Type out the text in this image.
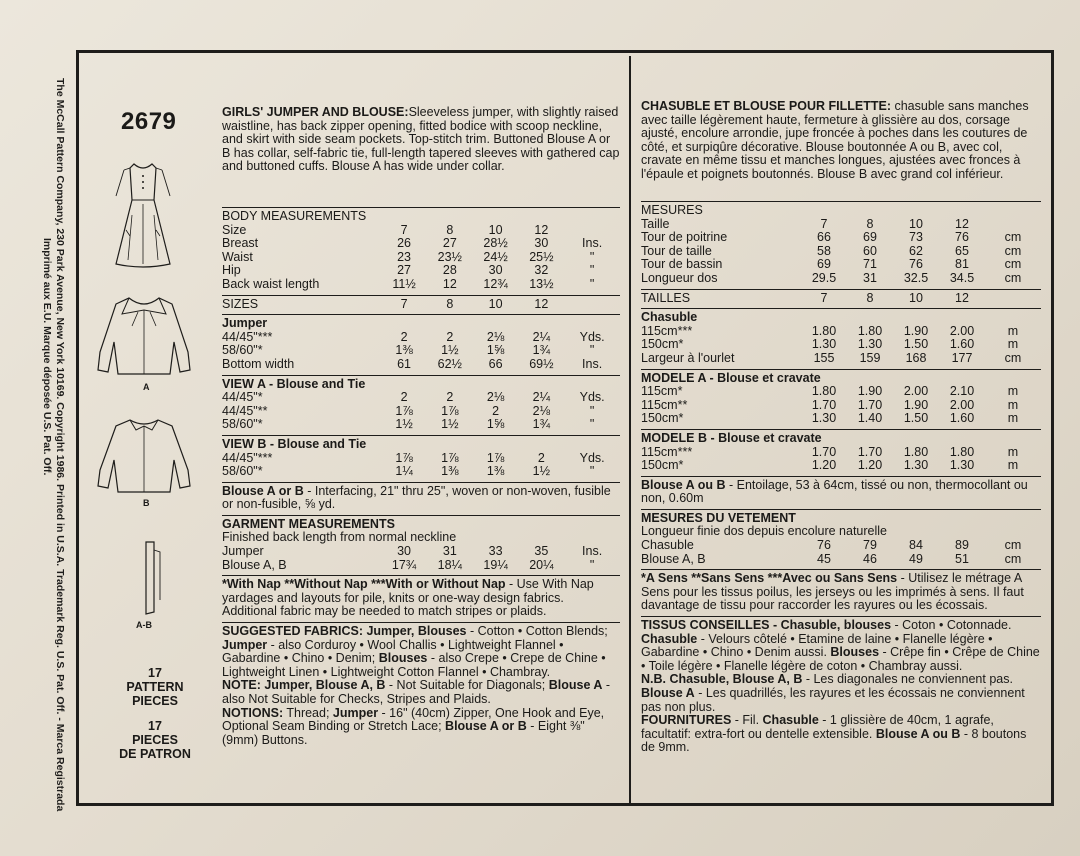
The McCall Pattern Company, 230 Park Avenue, New York 10169. Copyright 1986. Printed in U.S.A. Trademark Reg. U.S. Pat. Off. - Marca Registrada
Imprimé aux E.U. Marque déposée U.S. Pat. Off.
2679
A
B
A-B
17
PATTERN
PIECES
17
PIECES
DE PATRON
GIRLS' JUMPER AND BLOUSE:Sleeveless jumper, with slightly raised waistline, has back zipper opening, fitted bodice with scoop neckline, and skirt with side seam pockets. Top-stitch trim. Buttoned Blouse A or B has collar, self-fabric tie, full-length tapered sleeves with gathered cap and buttoned cuffs. Blouse A has wide under collar.
BODY MEASUREMENTS
Size	7	8	10	12	
Breast	26	27	28½	30	Ins.
Waist	23	23½	24½	25½	"
Hip	27	28	30	32	"
Back waist length	11½	12	12¾	13½	"
SIZES	7	8	10	12	
Jumper
44/45"***	2	2	2⅛	2¼	Yds.
58/60"*	1⅜	1½	1⅝	1¾	"
Bottom width	61	62½	66	69½	Ins.
VIEW A - Blouse and Tie
44/45"*	2	2	2⅛	2¼	Yds.
44/45"**	1⅞	1⅞	2	2⅛	"
58/60"*	1½	1½	1⅝	1¾	"
VIEW B - Blouse and Tie
44/45"***	1⅞	1⅞	1⅞	2	Yds.
58/60"*	1¼	1⅜	1⅜	1½	"
Blouse A or B - Interfacing, 21" thru 25", woven or non-woven, fusible or non-fusible, ⅝ yd.
GARMENT MEASUREMENTS
Finished back length from normal neckline
Jumper	30	31	33	35	Ins.
Blouse A, B	17¾	18¼	19¼	20¼	"
*With Nap **Without Nap ***With or Without Nap - Use With Nap yardages and layouts for pile, knits or one-way design fabrics. Additional fabric may be needed to match stripes or plaids.
SUGGESTED FABRICS: Jumper, Blouses - Cotton • Cotton Blends; Jumper - also Corduroy • Wool Challis • Lightweight Flannel • Gabardine • Chino • Denim; Blouses - also Crepe • Crepe de Chine • Lightweight Linen • Lightweight Cotton Flannel • Chambray.
NOTE: Jumper, Blouse A, B - Not Suitable for Diagonals; Blouse A - also Not Suitable for Checks, Stripes and Plaids.
NOTIONS: Thread; Jumper - 16" (40cm) Zipper, One Hook and Eye, Optional Seam Binding or Stretch Lace; Blouse A or B - Eight ⅜" (9mm) Buttons.
CHASUBLE ET BLOUSE POUR FILLETTE: chasuble sans manches avec taille légèrement haute, fermeture à glissière au dos, corsage ajusté, encolure arrondie, jupe froncée à poches dans les coutures de côté, et surpiqûre décorative. Blouse boutonnée A ou B, avec col, cravate en même tissu et manches longues, ajustées avec fronces à l'épaule et poignets boutonnés. Blouse B avec grand col inférieur.
MESURES
Taille	7	8	10	12	
Tour de poitrine	66	69	73	76	cm
Tour de taille	58	60	62	65	cm
Tour de bassin	69	71	76	81	cm
Longueur dos	29.5	31	32.5	34.5	cm
TAILLES	7	8	10	12	
Chasuble
115cm***	1.80	1.80	1.90	2.00	m
150cm*	1.30	1.30	1.50	1.60	m
Largeur à l'ourlet	155	159	168	177	cm
MODELE A - Blouse et cravate
115cm*	1.80	1.90	2.00	2.10	m
115cm**	1.70	1.70	1.90	2.00	m
150cm*	1.30	1.40	1.50	1.60	m
MODELE B - Blouse et cravate
115cm***	1.70	1.70	1.80	1.80	m
150cm*	1.20	1.20	1.30	1.30	m
Blouse A ou B - Entoilage, 53 à 64cm, tissé ou non, thermocollant ou non, 0.60m
MESURES DU VETEMENT
Longueur finie dos depuis encolure naturelle
Chasuble	76	79	84	89	cm
Blouse A, B	45	46	49	51	cm
*A Sens **Sans Sens ***Avec ou Sans Sens - Utilisez le métrage A Sens pour les tissus poilus, les jerseys ou les imprimés à sens. Il faut davantage de tissu pour raccorder les rayures ou les écossais.
TISSUS CONSEILLES - Chasuble, blouses - Coton • Cotonnade. Chasuble - Velours côtelé • Etamine de laine • Flanelle légère • Gabardine • Chino • Denim aussi. Blouses - Crêpe fin • Crêpe de Chine • Toile légère • Flanelle légère de coton • Chambray aussi.
N.B. Chasuble, Blouse A, B - Les diagonales ne conviennent pas. Blouse A - Les quadrillés, les rayures et les écossais ne conviennent pas non plus.
FOURNITURES - Fil. Chasuble - 1 glissière de 40cm, 1 agrafe, facultatif: extra-fort ou dentelle extensible. Blouse A ou B - 8 boutons de 9mm.
